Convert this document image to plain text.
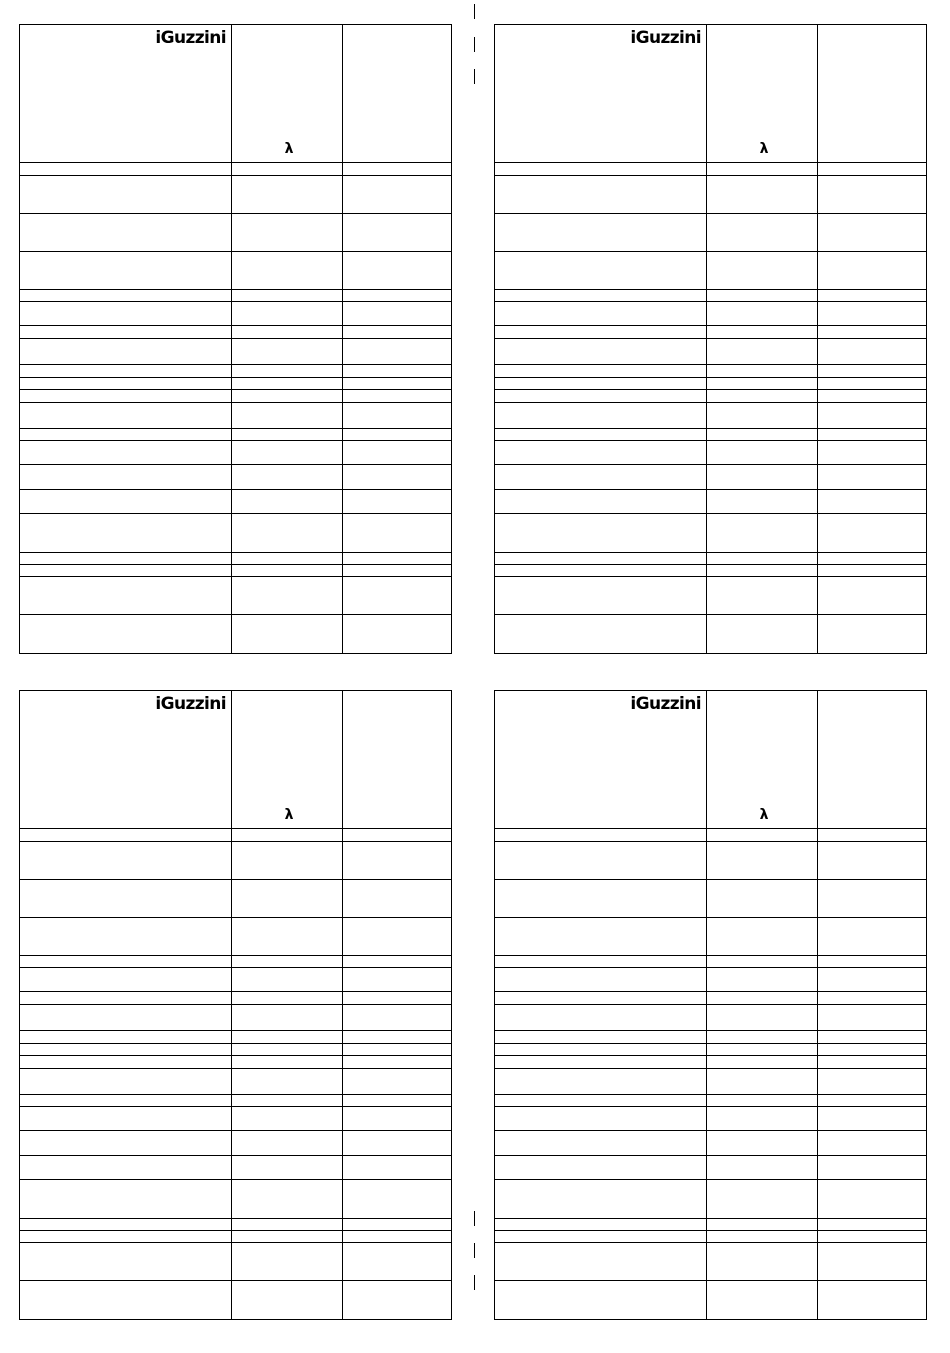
iGuzzini
λ
iGuzzini
λ
iGuzzini
λ
iGuzzini
λ
